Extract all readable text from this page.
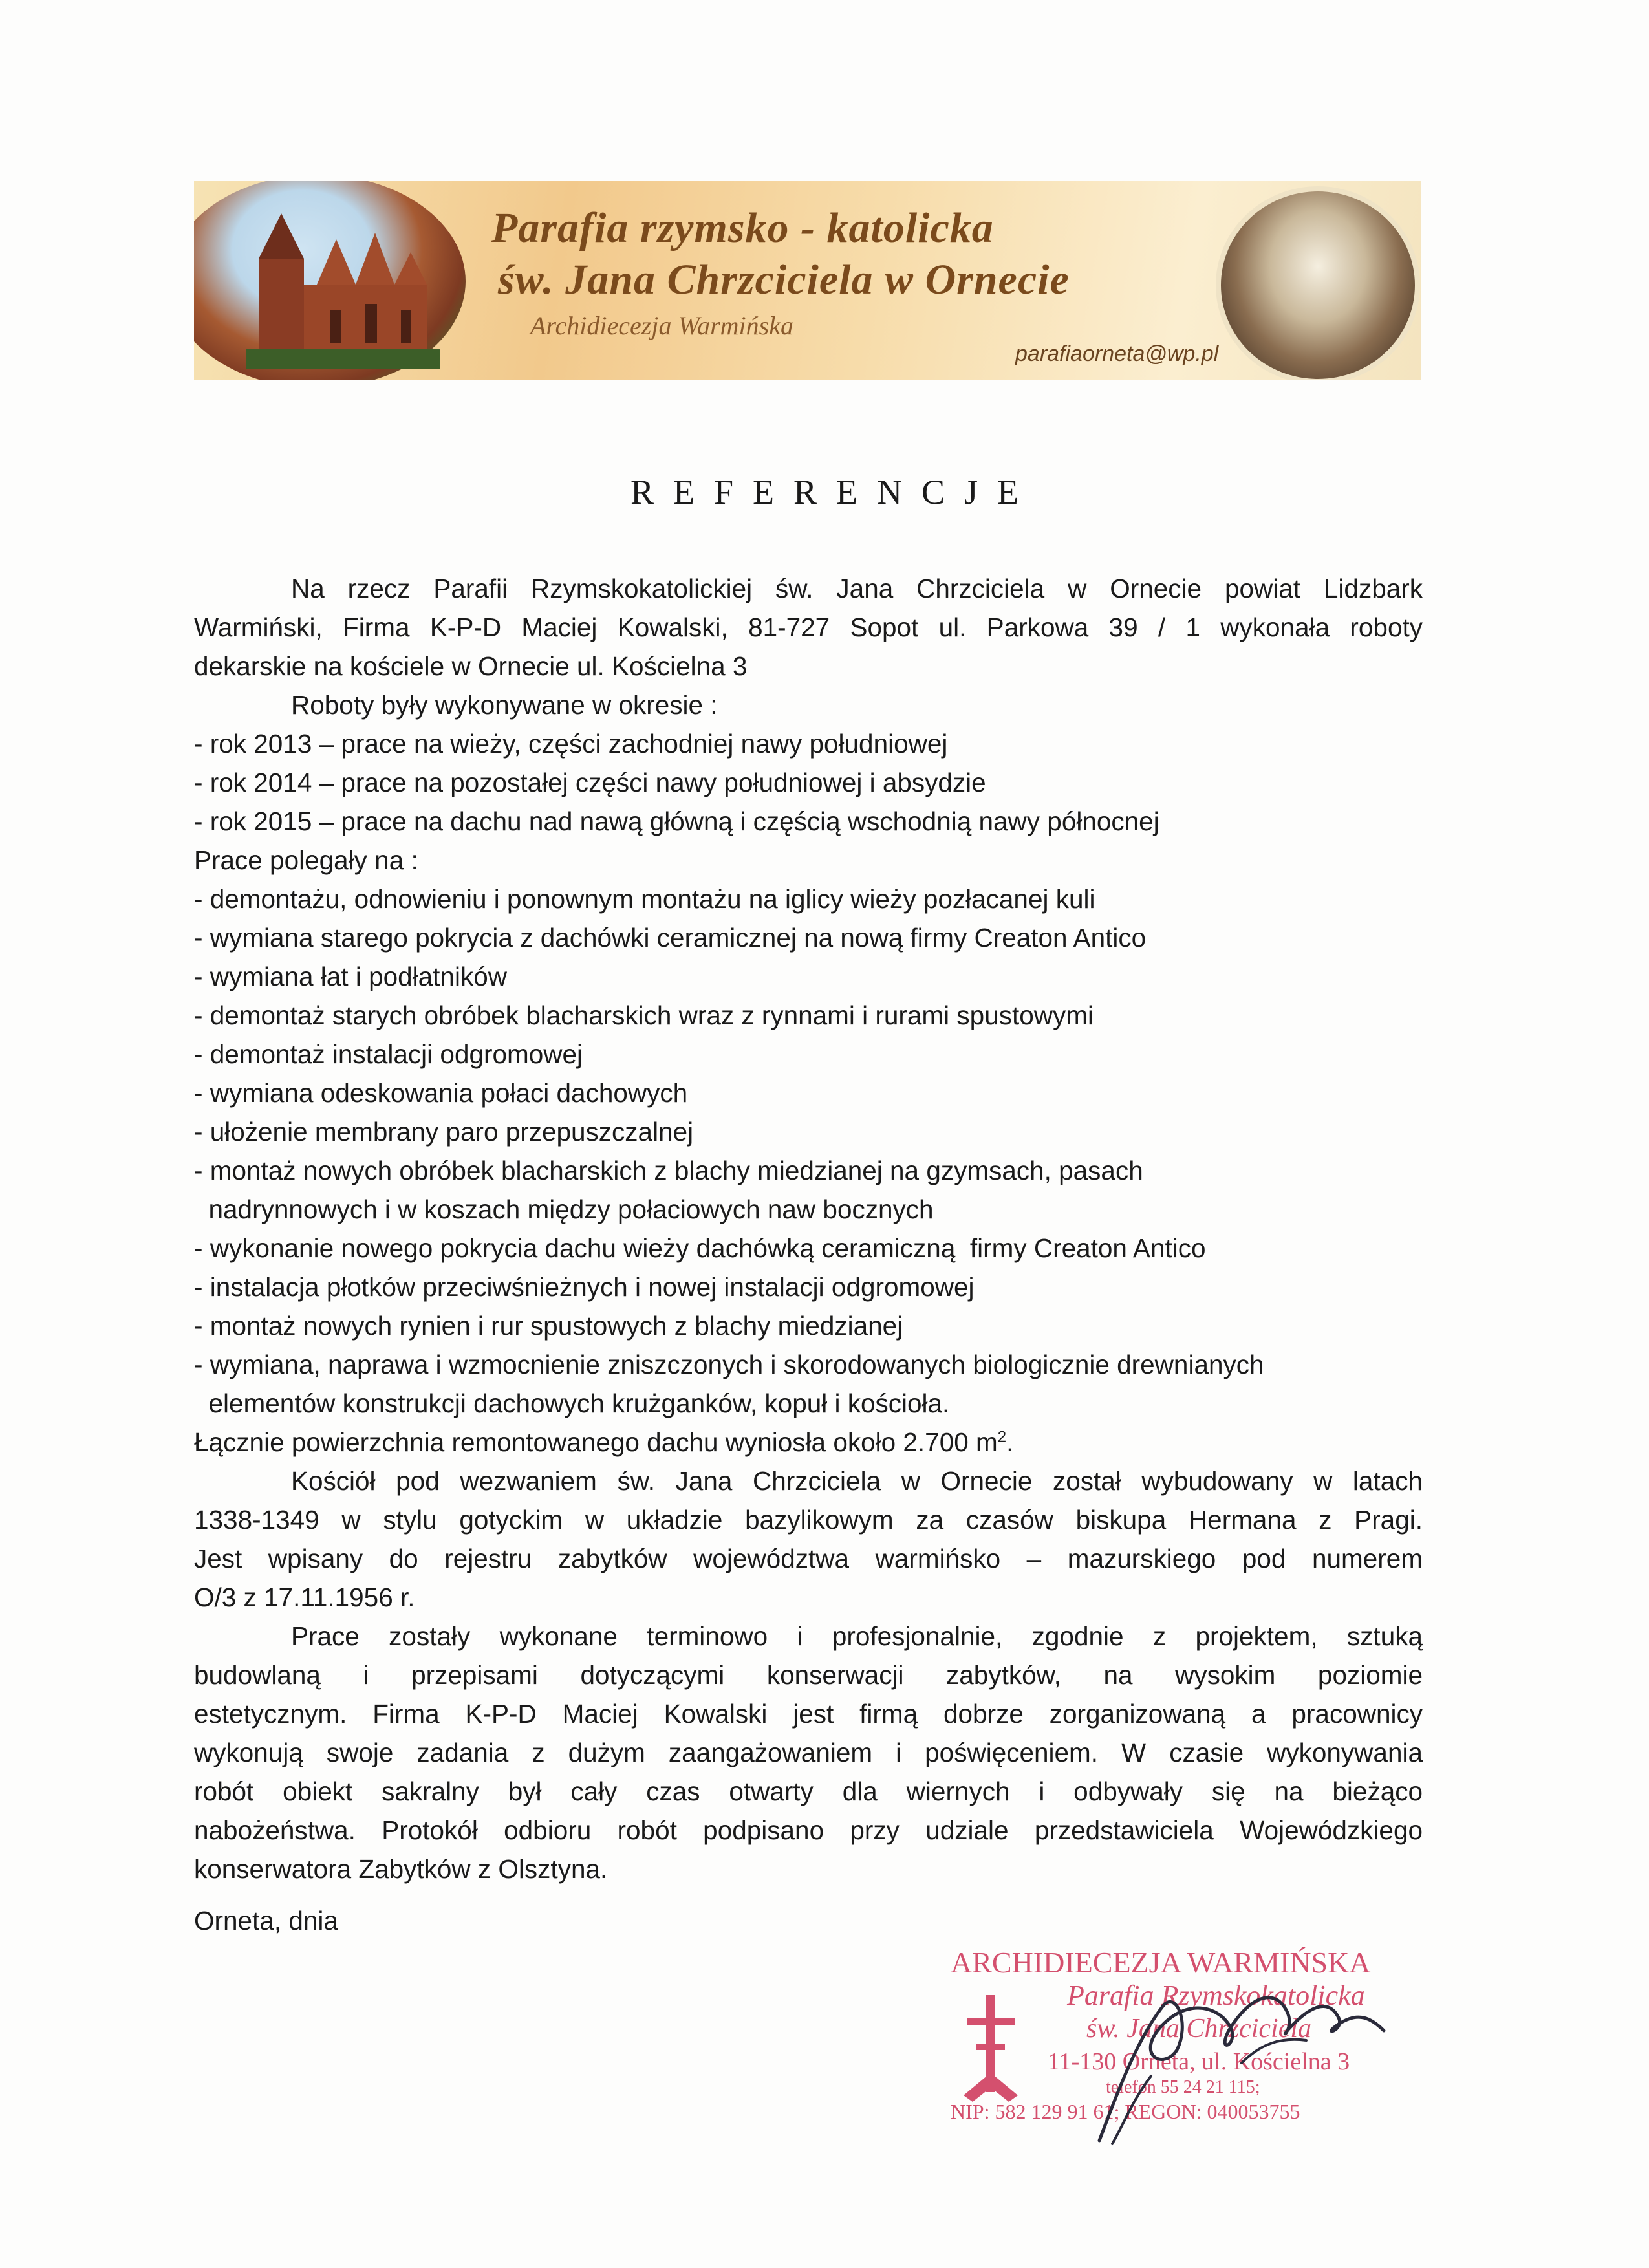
Parafia rzymsko - katolicka
św. Jana Chrzciciela w Ornecie
Archidiecezja Warmińska
parafiaorneta@wp.pl
REFERENCJE
Na rzecz Parafii Rzymskokatolickiej św. Jana Chrzciciela w Ornecie powiat Lidzbark
Warmiński, Firma K-P-D Maciej Kowalski, 81-727 Sopot ul. Parkowa 39 / 1 wykonała roboty
dekarskie na kościele w Ornecie ul. Kościelna 3
Roboty były wykonywane w okresie :
- rok 2013 – prace na wieży, części zachodniej nawy południowej
- rok 2014 – prace na pozostałej części nawy południowej i absydzie
- rok 2015 – prace na dachu nad nawą główną i częścią wschodnią nawy północnej
Prace polegały na :
- demontażu, odnowieniu i ponownym montażu na iglicy wieży pozłacanej kuli
- wymiana starego pokrycia z dachówki ceramicznej na nową firmy Creaton Antico
- wymiana łat i podłatników
- demontaż starych obróbek blacharskich wraz z rynnami i rurami spustowymi
- demontaż instalacji odgromowej
- wymiana odeskowania połaci dachowych
- ułożenie membrany paro przepuszczalnej
- montaż nowych obróbek blacharskich z blachy miedzianej na gzymsach, pasach
nadrynnowych i w koszach między połaciowych naw bocznych
- wykonanie nowego pokrycia dachu wieży dachówką ceramiczną  firmy Creaton Antico
- instalacja płotków przeciwśnieżnych i nowej instalacji odgromowej
- montaż nowych rynien i rur spustowych z blachy miedzianej
- wymiana, naprawa i wzmocnienie zniszczonych i skorodowanych biologicznie drewnianych
elementów konstrukcji dachowych krużganków, kopuł i kościoła.
Łącznie powierzchnia remontowanego dachu wyniosła około 2.700 $m^2$.
Kościół pod wezwaniem św. Jana Chrzciciela w Ornecie został wybudowany w latach
1338-1349 w stylu gotyckim w układzie bazylikowym za czasów biskupa Hermana z Pragi.
Jest wpisany do rejestru zabytków województwa warmińsko – mazurskiego pod numerem
O/3 z 17.11.1956 r.
Prace zostały wykonane terminowo i profesjonalnie, zgodnie z projektem, sztuką
budowlaną i przepisami dotyczącymi konserwacji zabytków, na wysokim poziomie
estetycznym. Firma K-P-D Maciej Kowalski jest firmą dobrze zorganizowaną a pracownicy
wykonują swoje zadania z dużym zaangażowaniem i poświęceniem. W czasie wykonywania
robót obiekt sakralny był cały czas otwarty dla wiernych i odbywały się na bieżąco
nabożeństwa. Protokół odbioru robót podpisano przy udziale przedstawiciela Wojewódzkiego
konserwatora Zabytków z Olsztyna.
Orneta, dnia
ARCHIDIECEZJA WARMIŃSKA
Parafia Rzymskokatolicka
św. Jana Chrzciciela
11-130 Orneta, ul. Kościelna 3
telefon 55 24 21 115;
NIP: 582 129 91 61; REGON: 040053755
